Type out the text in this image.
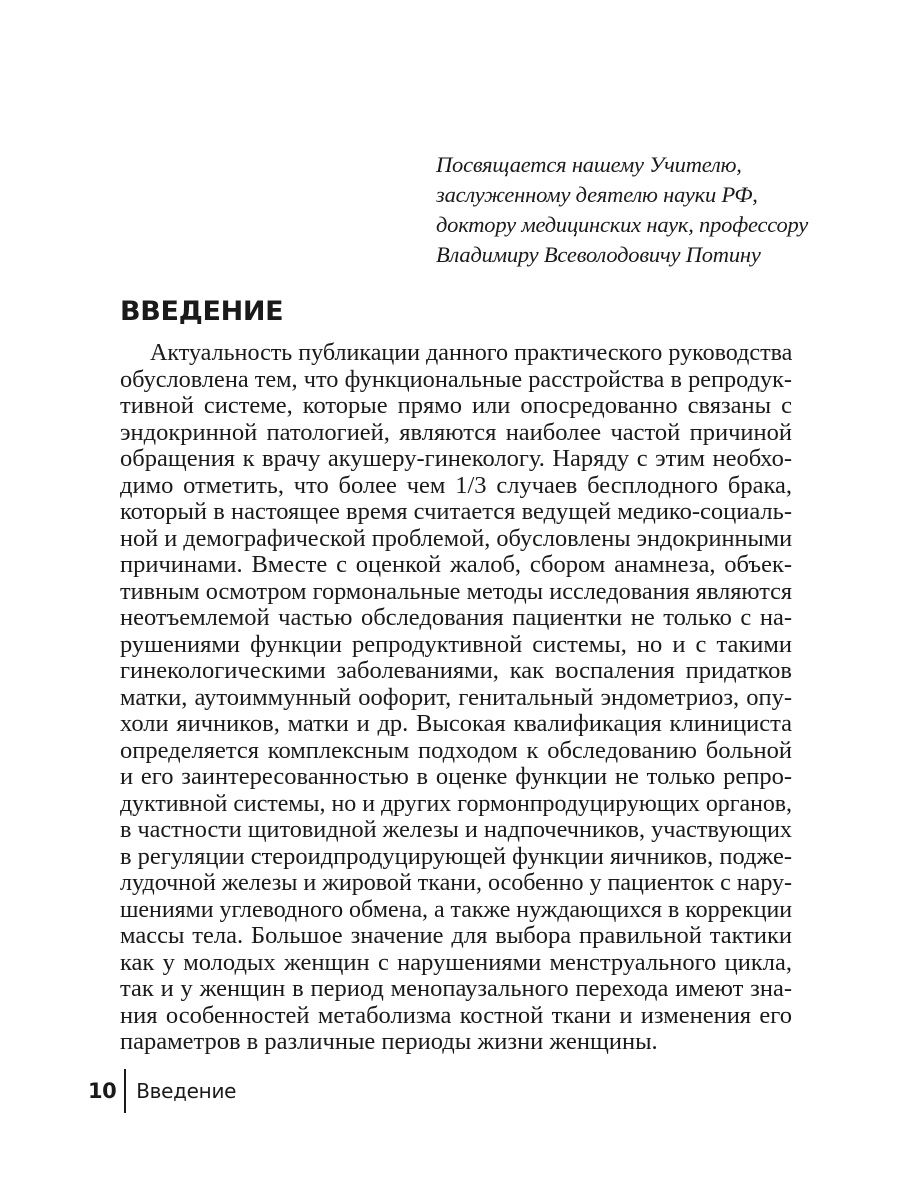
Посвящается нашему Учителю,
заслуженному деятелю науки РФ,
доктору медицинских наук, профессору
Владимиру Всеволодовичу Потину
ВВЕДЕНИЕ
Актуальность публикации данного практического руководства
обусловлена тем, что функциональные расстройства в репродук-
тивной системе, которые прямо или опосредованно связаны с
эндокринной патологией, являются наиболее частой причиной
обращения к врачу акушеру-гинекологу. Наряду с этим необхо-
димо отметить, что более чем 1/3 случаев бесплодного брака,
который в настоящее время считается ведущей медико-социаль-
ной и демографической проблемой, обусловлены эндокринными
причинами. Вместе с оценкой жалоб, сбором анамнеза, объек-
тивным осмотром гормональные методы исследования являются
неотъемлемой частью обследования пациентки не только с на-
рушениями функции репродуктивной системы, но и с такими
гинекологическими заболеваниями, как воспаления придатков
матки, аутоиммунный оофорит, генитальный эндометриоз, опу-
холи яичников, матки и др. Высокая квалификация клинициста
определяется комплексным подходом к обследованию больной
и его заинтересованностью в оценке функции не только репро-
дуктивной системы, но и других гормонпродуцирующих органов,
в частности щитовидной железы и надпочечников, участвующих
в регуляции стероидпродуцирующей функции яичников, подже-
лудочной железы и жировой ткани, особенно у пациенток с нару-
шениями углеводного обмена, а также нуждающихся в коррекции
массы тела. Большое значение для выбора правильной тактики
как у молодых женщин с нарушениями менструального цикла,
так и у женщин в период менопаузального перехода имеют зна-
ния особенностей метаболизма костной ткани и изменения его
параметров в различные периоды жизни женщины.
10 Введение
